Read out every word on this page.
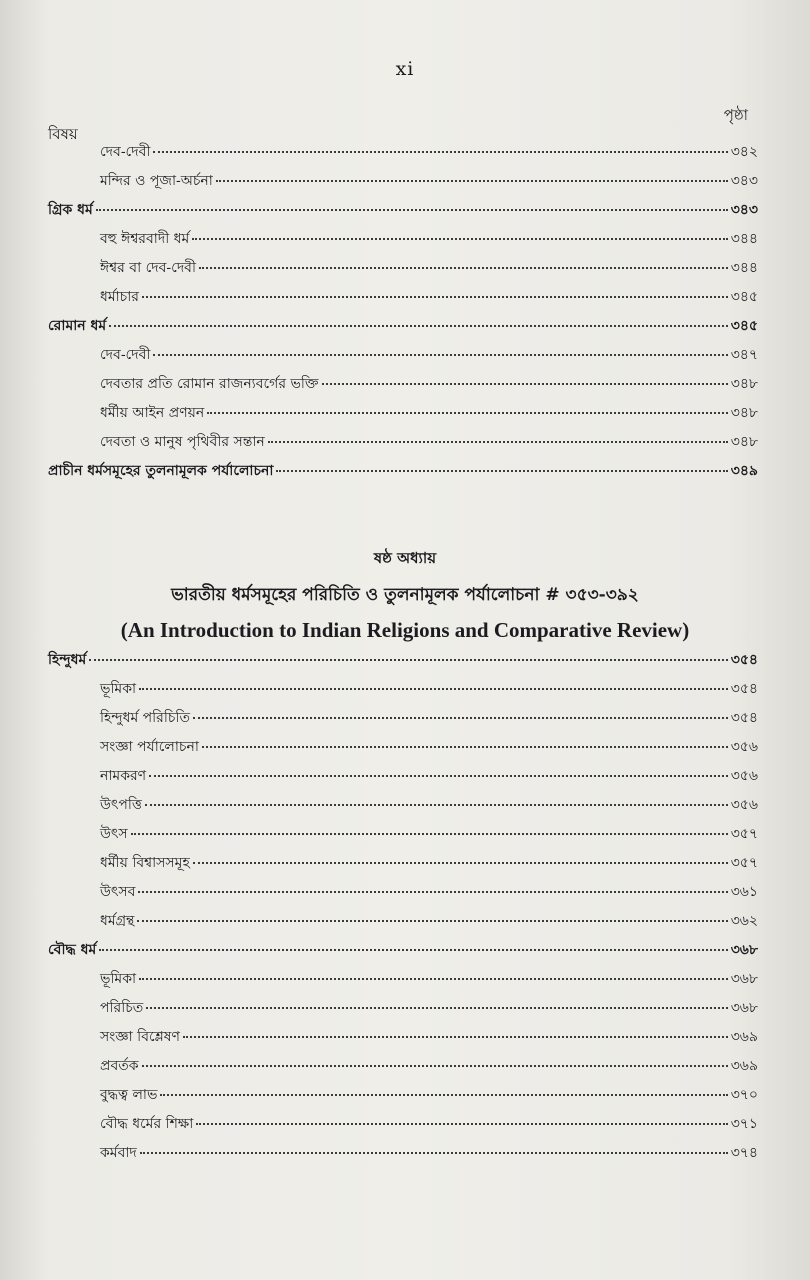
xi
বিষয়
পৃষ্ঠা
দেব-দেবী	৩৪২
মন্দির ও পূজা-অর্চনা	৩৪৩
গ্রিক ধর্ম	৩৪৩
বহু ঈশ্বরবাদী ধর্ম	৩৪৪
ঈশ্বর বা দেব-দেবী	৩৪৪
ধর্মাচার	৩৪৫
রোমান ধর্ম	৩৪৫
দেব-দেবী	৩৪৭
দেবতার প্রতি রোমান রাজন্যবর্গের ভক্তি	৩৪৮
ধর্মীয় আইন প্রণয়ন	৩৪৮
দেবতা ও মানুষ পৃথিবীর সন্তান	৩৪৮
প্রাচীন ধর্মসমূহের তুলনামূলক পর্যালোচনা	৩৪৯
ষষ্ঠ অধ্যায়
ভারতীয় ধর্মসমূহের পরিচিতি ও তুলনামূলক পর্যালোচনা # ৩৫৩-৩৯২
(An Introduction to Indian Religions and Comparative Review)
হিন্দুধর্ম	৩৫৪
ভূমিকা	৩৫৪
হিন্দুধর্ম পরিচিতি	৩৫৪
সংজ্ঞা পর্যালোচনা	৩৫৬
নামকরণ	৩৫৬
উৎপত্তি	৩৫৬
উৎস	৩৫৭
ধর্মীয় বিশ্বাসসমূহ	৩৫৭
উৎসব	৩৬১
ধর্মগ্রন্থ	৩৬২
বৌদ্ধ ধর্ম	৩৬৮
ভূমিকা	৩৬৮
পরিচিত	৩৬৮
সংজ্ঞা বিশ্লেষণ	৩৬৯
প্রবর্তক	৩৬৯
বুদ্ধত্ব লাভ	৩৭০
বৌদ্ধ ধর্মের শিক্ষা	৩৭১
কর্মবাদ	৩৭৪
